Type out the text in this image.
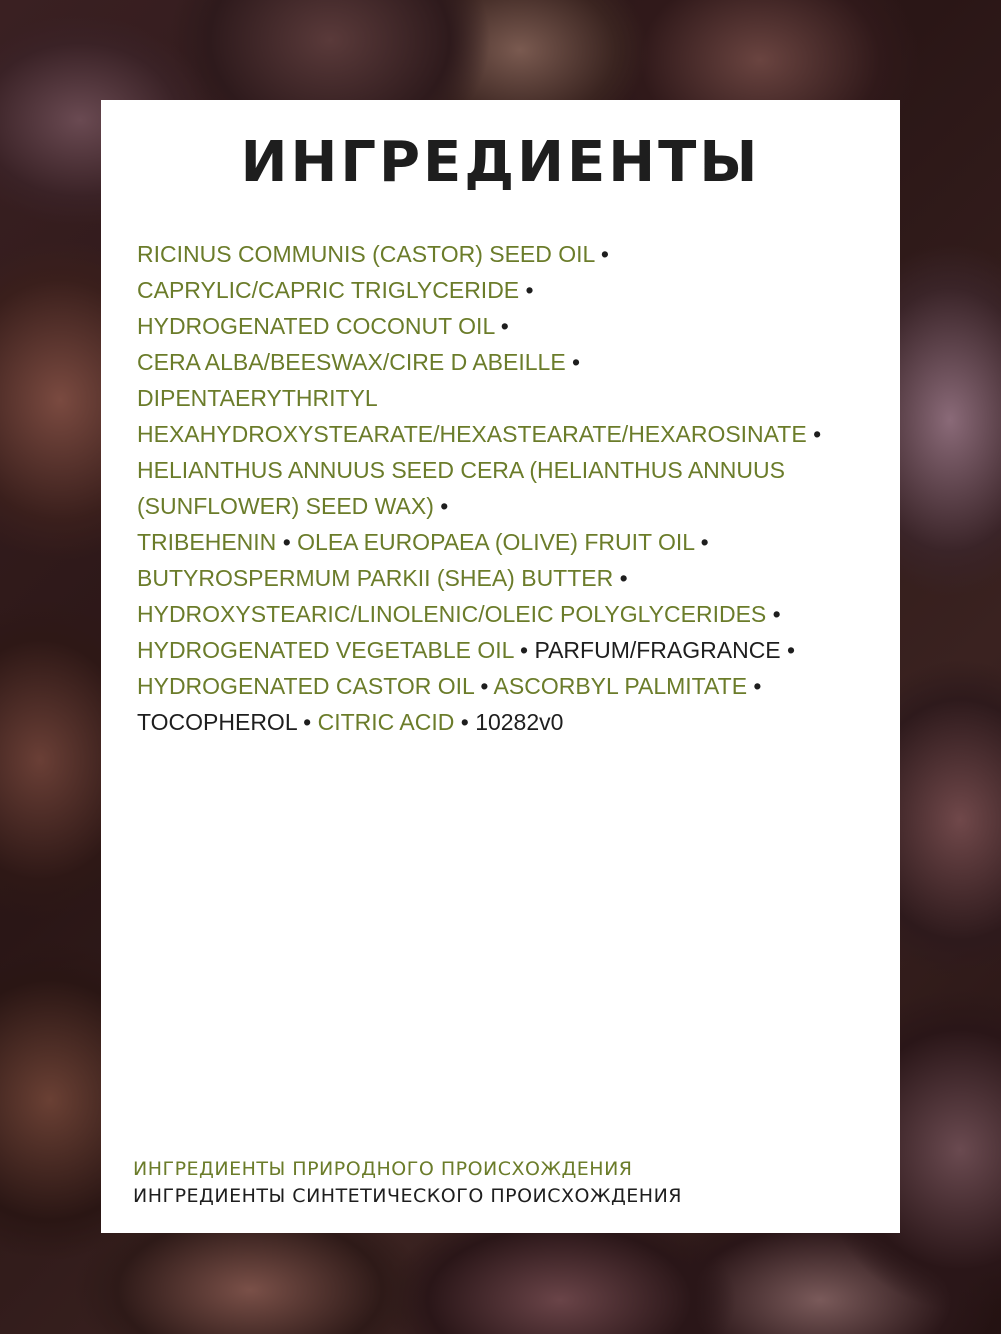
ИНГРЕДИЕНТЫ
RICINUS COMMUNIS (CASTOR) SEED OIL •
CAPRYLIC/CAPRIC TRIGLYCERIDE •
HYDROGENATED COCONUT OIL •
CERA ALBA/BEESWAX/CIRE D ABEILLE •
DIPENTAERYTHRITYL
HEXAHYDROXYSTEARATE/HEXASTEARATE/HEXAROSINATE •
HELIANTHUS ANNUUS SEED CERA (HELIANTHUS ANNUUS
(SUNFLOWER) SEED WAX) •
TRIBEHENIN • OLEA EUROPAEA (OLIVE) FRUIT OIL •
BUTYROSPERMUM PARKII (SHEA) BUTTER •
HYDROXYSTEARIC/LINOLENIC/OLEIC POLYGLYCERIDES •
HYDROGENATED VEGETABLE OIL • PARFUM/FRAGRANCE •
HYDROGENATED CASTOR OIL • ASCORBYL PALMITATE •
TOCOPHEROL • CITRIC ACID • 10282v0
ИНГРЕДИЕНТЫ ПРИРОДНОГО ПРОИСХОЖДЕНИЯ
ИНГРЕДИЕНТЫ СИНТЕТИЧЕСКОГО ПРОИСХОЖДЕНИЯ
